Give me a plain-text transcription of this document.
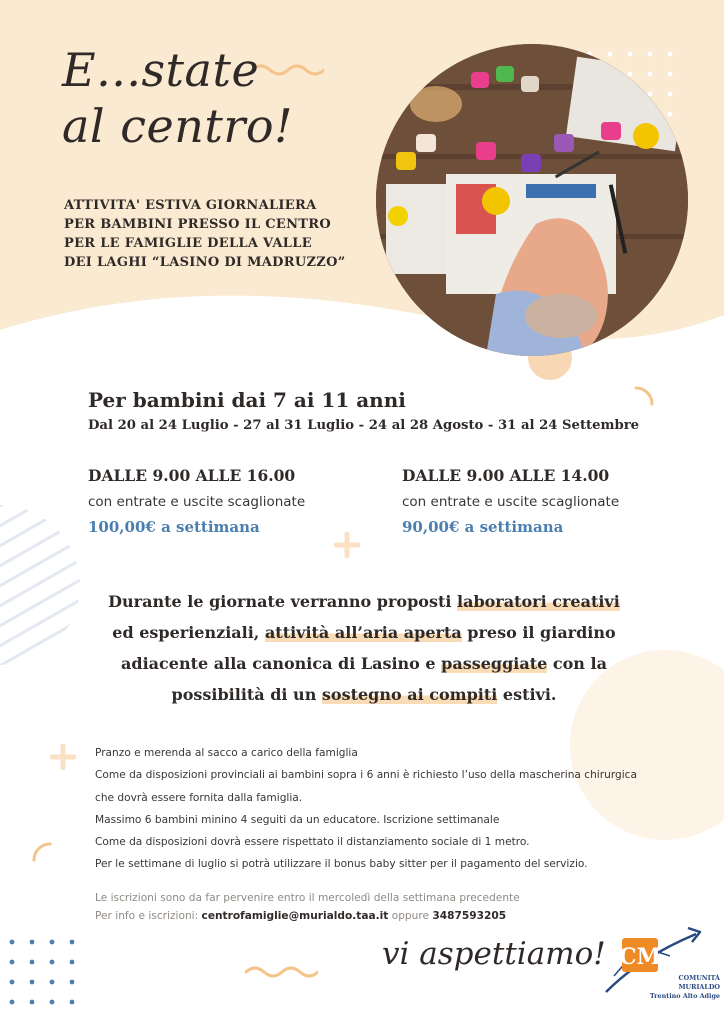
E...state
al centro!
ATTIVITA' ESTIVA GIORNALIERA
PER BAMBINI PRESSO IL CENTRO
PER LE FAMIGLIE DELLA VALLE
DEI LAGHI “LASINO DI MADRUZZO”
Per bambini dai 7 ai 11 anni
Dal 20 al 24 Luglio - 27 al 31 Luglio - 24 al 28 Agosto - 31 al 24 Settembre
DALLE 9.00 ALLE 16.00
con entrate e uscite scaglionate
100,00€ a settimana
DALLE 9.00 ALLE 14.00
con entrate e uscite scaglionate
90,00€ a settimana
Durante le giornate verranno proposti laboratori creativi
ed esperienziali, attività all’aria aperta preso il giardino
adiacente alla canonica di Lasino e passeggiate con la
possibilità di un sostegno ai compiti estivi.
Pranzo e merenda al sacco a carico della famiglia
Come da disposizioni provinciali ai bambini sopra i 6 anni è richiesto l’uso della mascherina chirurgica
che dovrà essere fornita dalla famiglia.
Massimo 6 bambini minino 4 seguiti da un educatore. Iscrizione settimanale
Come da disposizioni dovrà essere rispettato il distanziamento sociale di 1 metro.
Per le settimane di luglio si potrà utilizzare il bonus baby sitter per il pagamento del servizio.
Le iscrizioni sono da far pervenire entro il mercoledì della settimana precedente
Per info e iscrizioni: centrofamiglie@murialdo.taa.it oppure 3487593205
vi aspettiamo! CM
COMUNITÀ
MURIALDO
Trentino Alto Adige
